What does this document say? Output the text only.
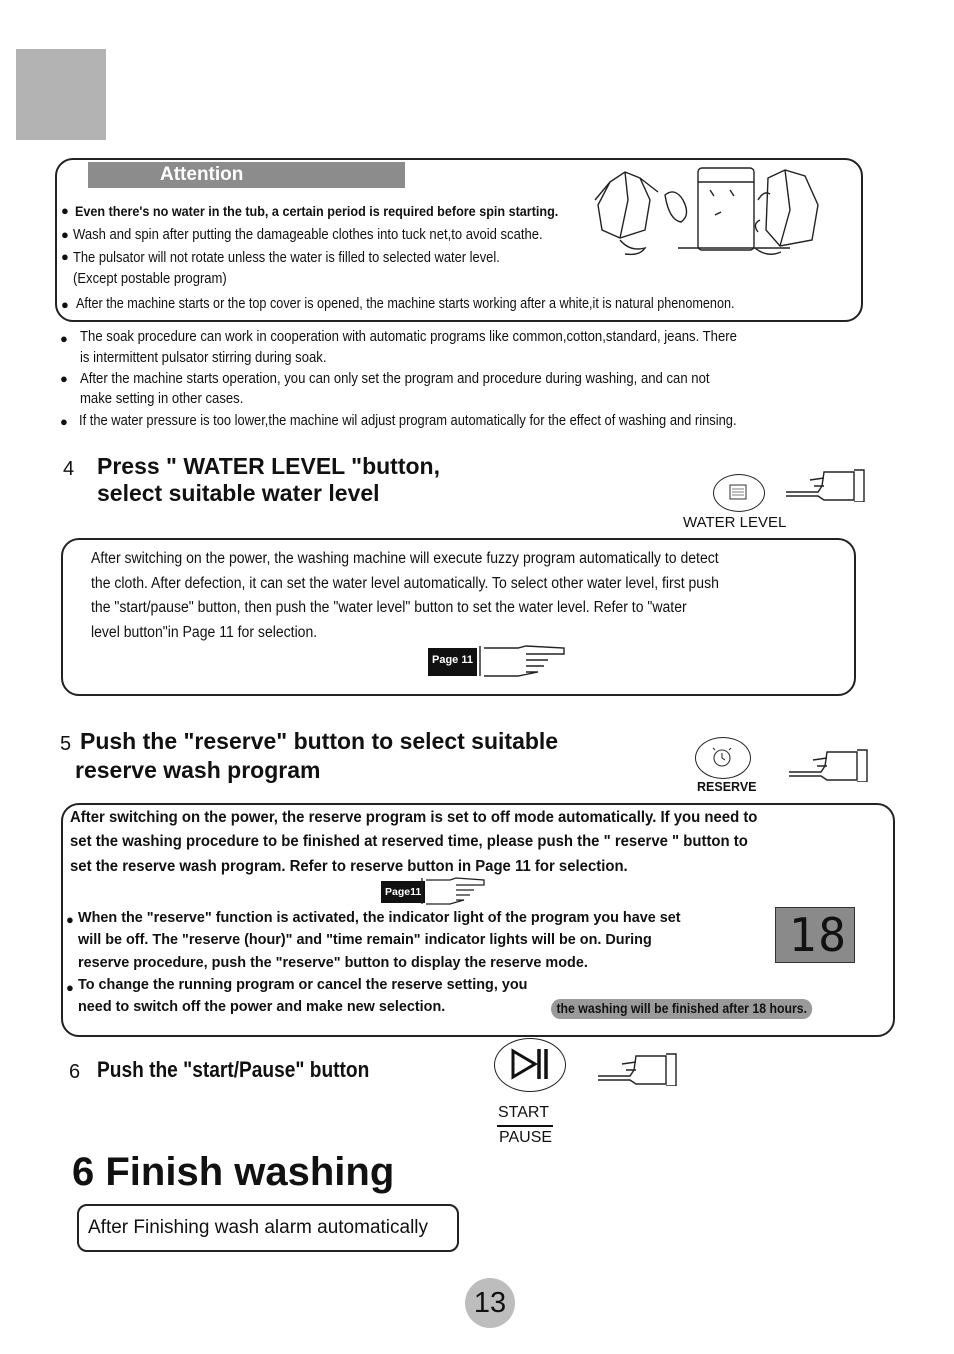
Attention
● Even there's no water in the tub, a certain period is required before spin starting.
● Wash and spin after putting the damageable clothes into tuck net,to avoid scathe.
● The pulsator will not rotate unless the water is filled to selected water level.
(Except postable program)
● After the machine starts or the top cover is opened, the machine starts working after a white,it is natural phenomenon.
● The soak procedure can work in cooperation with automatic programs like common,cotton,standard, jeans. There
is intermittent pulsator stirring during soak.
● After the machine starts operation, you can only set the program and procedure during washing, and can not
make setting in other cases.
● If the water pressure is too lower,the machine wil adjust program automatically for the effect of washing and rinsing.
4 Press " WATER LEVEL "button,
select suitable water level
WATER LEVEL
After switching on the power, the washing machine will execute fuzzy program automatically to detect
the cloth. After defection, it can set the water level automatically. To select other water level, first push
the "start/pause" button, then push the "water level" button to set the water level. Refer to "water
level button"in Page 11 for selection.
Page 11
5 Push the "reserve" button to select suitable
reserve wash program
RESERVE
After switching on the power, the reserve program is set to off mode automatically. If you need to
set the washing procedure to be finished at reserved time, please push the " reserve " button to
set the reserve wash program. Refer to reserve button in Page 11 for selection.
Page11
● When the "reserve" function is activated, the indicator light of the program you have set
will be off. The "reserve (hour)" and "time remain" indicator lights will be on. During
reserve procedure, push the "reserve" button to display the reserve mode.
● To change the running program or cancel the reserve setting, you
need to switch off the power and make new selection.
18
the washing will be finished after 18 hours.
6 Push the "start/Pause" button
START
PAUSE
6 Finish washing
After Finishing wash alarm automatically
13
